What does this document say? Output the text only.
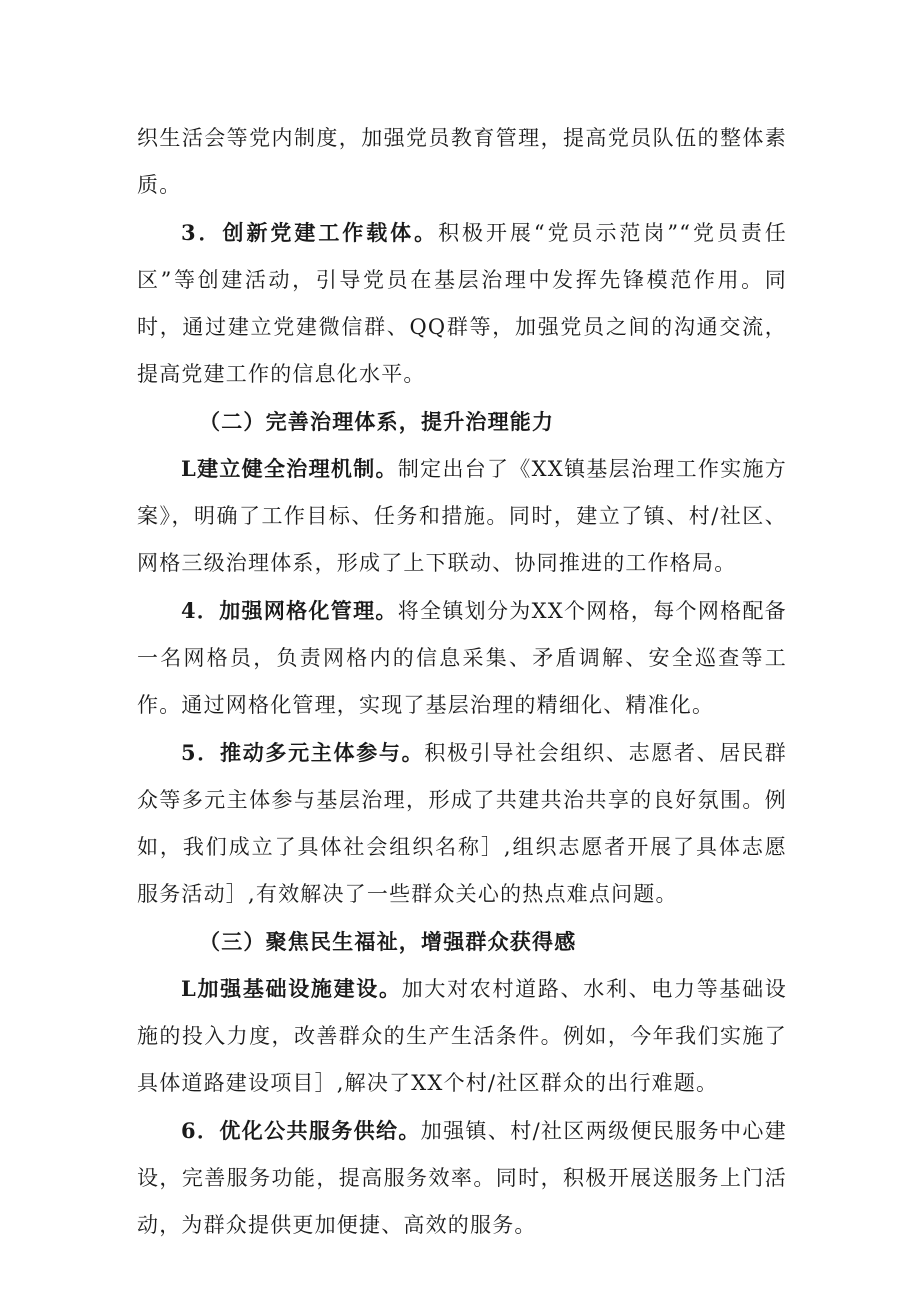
织生活会等党内制度，加强党员教育管理，提高党员队伍的整体素质。

3．创新党建工作载体。积极开展“党员示范岗”“党员责任区”等创建活动，引导党员在基层治理中发挥先锋模范作用。同时，通过建立党建微信群、QQ群等，加强党员之间的沟通交流，提高党建工作的信息化水平。

（二）完善治理体系，提升治理能力

L建立健全治理机制。制定出台了《XX镇基层治理工作实施方案》，明确了工作目标、任务和措施。同时，建立了镇、村/社区、网格三级治理体系，形成了上下联动、协同推进的工作格局。

4．加强网格化管理。将全镇划分为XX个网格，每个网格配备一名网格员，负责网格内的信息采集、矛盾调解、安全巡查等工作。通过网格化管理，实现了基层治理的精细化、精准化。

5．推动多元主体参与。积极引导社会组织、志愿者、居民群众等多元主体参与基层治理，形成了共建共治共享的良好氛围。例如，我们成立了具体社会组织名称］,组织志愿者开展了具体志愿服务活动］,有效解决了一些群众关心的热点难点问题。

（三）聚焦民生福祉，增强群众获得感

L加强基础设施建设。加大对农村道路、水利、电力等基础设施的投入力度，改善群众的生产生活条件。例如，今年我们实施了具体道路建设项目］,解决了XX个村/社区群众的出行难题。

6．优化公共服务供给。加强镇、村/社区两级便民服务中心建设，完善服务功能，提高服务效率。同时，积极开展送服务上门活动，为群众提供更加便捷、高效的服务。
